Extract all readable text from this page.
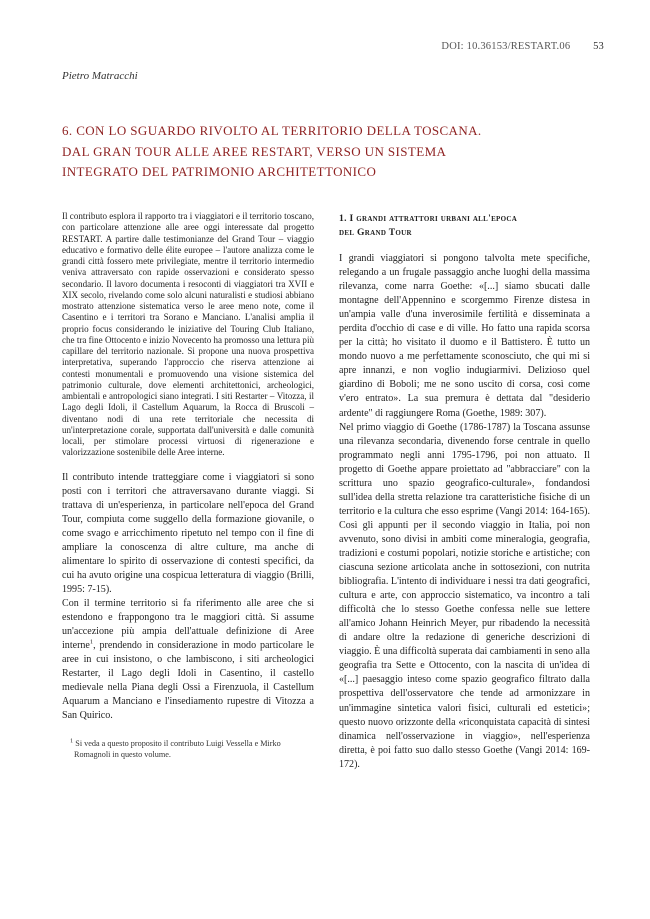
DOI: 10.36153/RESTART.06 53
Pietro Matracchi
6. CON LO SGUARDO RIVOLTO AL TERRITORIO DELLA TOSCANA.
DAL GRAN TOUR ALLE AREE RESTART, VERSO UN SISTEMA
INTEGRATO DEL PATRIMONIO ARCHITETTONICO

Il contributo esplora il rapporto tra i viaggiatori e il territorio toscano, con particolare attenzione alle aree oggi interessate dal progetto RESTART. A partire dalle testimonianze del Grand Tour – viaggio educativo e formativo delle élite europee – l'autore analizza come le grandi città fossero mete privilegiate, mentre il territorio intermedio veniva attraversato con rapide osservazioni e considerato spesso secondario. Il lavoro documenta i resoconti di viaggiatori tra XVII e XIX secolo, rivelando come solo alcuni naturalisti e studiosi abbiano mostrato attenzione sistematica verso le aree meno note, come il Casentino e i territori tra Sorano e Manciano. L'analisi amplia il proprio focus considerando le iniziative del Touring Club Italiano, che tra fine Ottocento e inizio Novecento ha promosso una lettura più capillare del territorio nazionale. Si propone una nuova prospettiva interpretativa, superando l'approccio che riserva attenzione ai contesti monumentali e promuovendo una visione sistemica del patrimonio culturale, dove elementi architettonici, archeologici, ambientali e antropologici siano integrati. I siti Restarter – Vitozza, il Lago degli Idoli, il Castellum Aquarum, la Rocca di Bruscoli – diventano nodi di una rete territoriale che necessita di un'interpretazione corale, supportata dall'università e dalle comunità locali, per stimolare processi virtuosi di rigenerazione e valorizzazione sostenibile delle Aree interne.

Il contributo intende tratteggiare come i viaggiatori si sono posti con i territori che attraversavano durante viaggi. Si trattava di un'esperienza, in particolare nell'epoca del Grand Tour, compiuta come suggello della formazione giovanile, o come svago e arricchimento ripetuto nel tempo con il fine di ampliare la conoscenza di altre culture, ma anche di alimentare lo spirito di osservazione di contesti specifici, da cui ha avuto origine una cospicua letteratura di viaggio (Brilli, 1995: 7-15).

Con il termine territorio si fa riferimento alle aree che si estendono e frappongono tra le maggiori città. Si assume un'accezione più ampia dell'attuale definizione di Aree interne$^1$, prendendo in considerazione in modo particolare le aree in cui insistono, o che lambiscono, i siti archeologici Restarter, il Lago degli Idoli in Casentino, il castello medievale nella Piana degli Ossi a Firenzuola, il Castellum Aquarum a Manciano e l'insediamento rupestre di Vitozza a San Quirico.

$^1$ Si veda a questo proposito il contributo Luigi Vessella e Mirko Romagnoli in questo volume.
1. I grandi attrattori urbani all'epoca
del Grand Tour

I grandi viaggiatori si pongono talvolta mete specifiche, relegando a un frugale passaggio anche luoghi della massima rilevanza, come narra Goethe: «[...] siamo sbucati dalle montagne dell'Appennino e scorgemmo Firenze distesa in un'ampia valle d'una inverosimile fertilità e disseminata a perdita d'occhio di case e di ville. Ho fatto una rapida scorsa per la città; ho visitato il duomo e il Battistero. È tutto un mondo nuovo a me perfettamente sconosciuto, che qui mi si apre innanzi, e non voglio indugiarmivi. Delizioso quel giardino di Boboli; me ne sono uscito di corsa, così come v'ero entrato». La sua premura è dettata dal "desiderio ardente" di raggiungere Roma (Goethe, 1989: 307).

Nel primo viaggio di Goethe (1786-1787) la Toscana assunse una rilevanza secondaria, divenendo forse centrale in quello programmato negli anni 1795-1796, poi non attuato. Il progetto di Goethe appare proiettato ad "abbracciare" con la scrittura uno spazio geografico-culturale», fondandosi sull'idea della stretta relazione tra caratteristiche fisiche di un territorio e la cultura che esso esprime (Vangi 2014: 164-165). Così gli appunti per il secondo viaggio in Italia, poi non avvenuto, sono divisi in ambiti come mineralogia, geografia, tradizioni e costumi popolari, notizie storiche e artistiche; con ciascuna sezione articolata anche in sottosezioni, con nutrita bibliografia. L'intento di individuare i nessi tra dati geografici, cultura e arte, con approccio sistematico, va incontro a tali difficoltà che lo stesso Goethe confessa nelle sue lettere all'amico Johann Heinrich Meyer, pur ribadendo la necessità di andare oltre la redazione di generiche descrizioni di viaggio. È una difficoltà superata dai cambiamenti in seno alla geografia tra Sette e Ottocento, con la nascita di un'idea di «[...] paesaggio inteso come spazio geografico filtrato dalla prospettiva dell'osservatore che tende ad armonizzare in un'immagine sintetica valori fisici, culturali ed estetici»; questo nuovo orizzonte della «riconquistata capacità di sintesi dinamica nell'osservazione in viaggio», nell'esperienza diretta, è poi fatto suo dallo stesso Goethe (Vangi 2014: 169-172).
